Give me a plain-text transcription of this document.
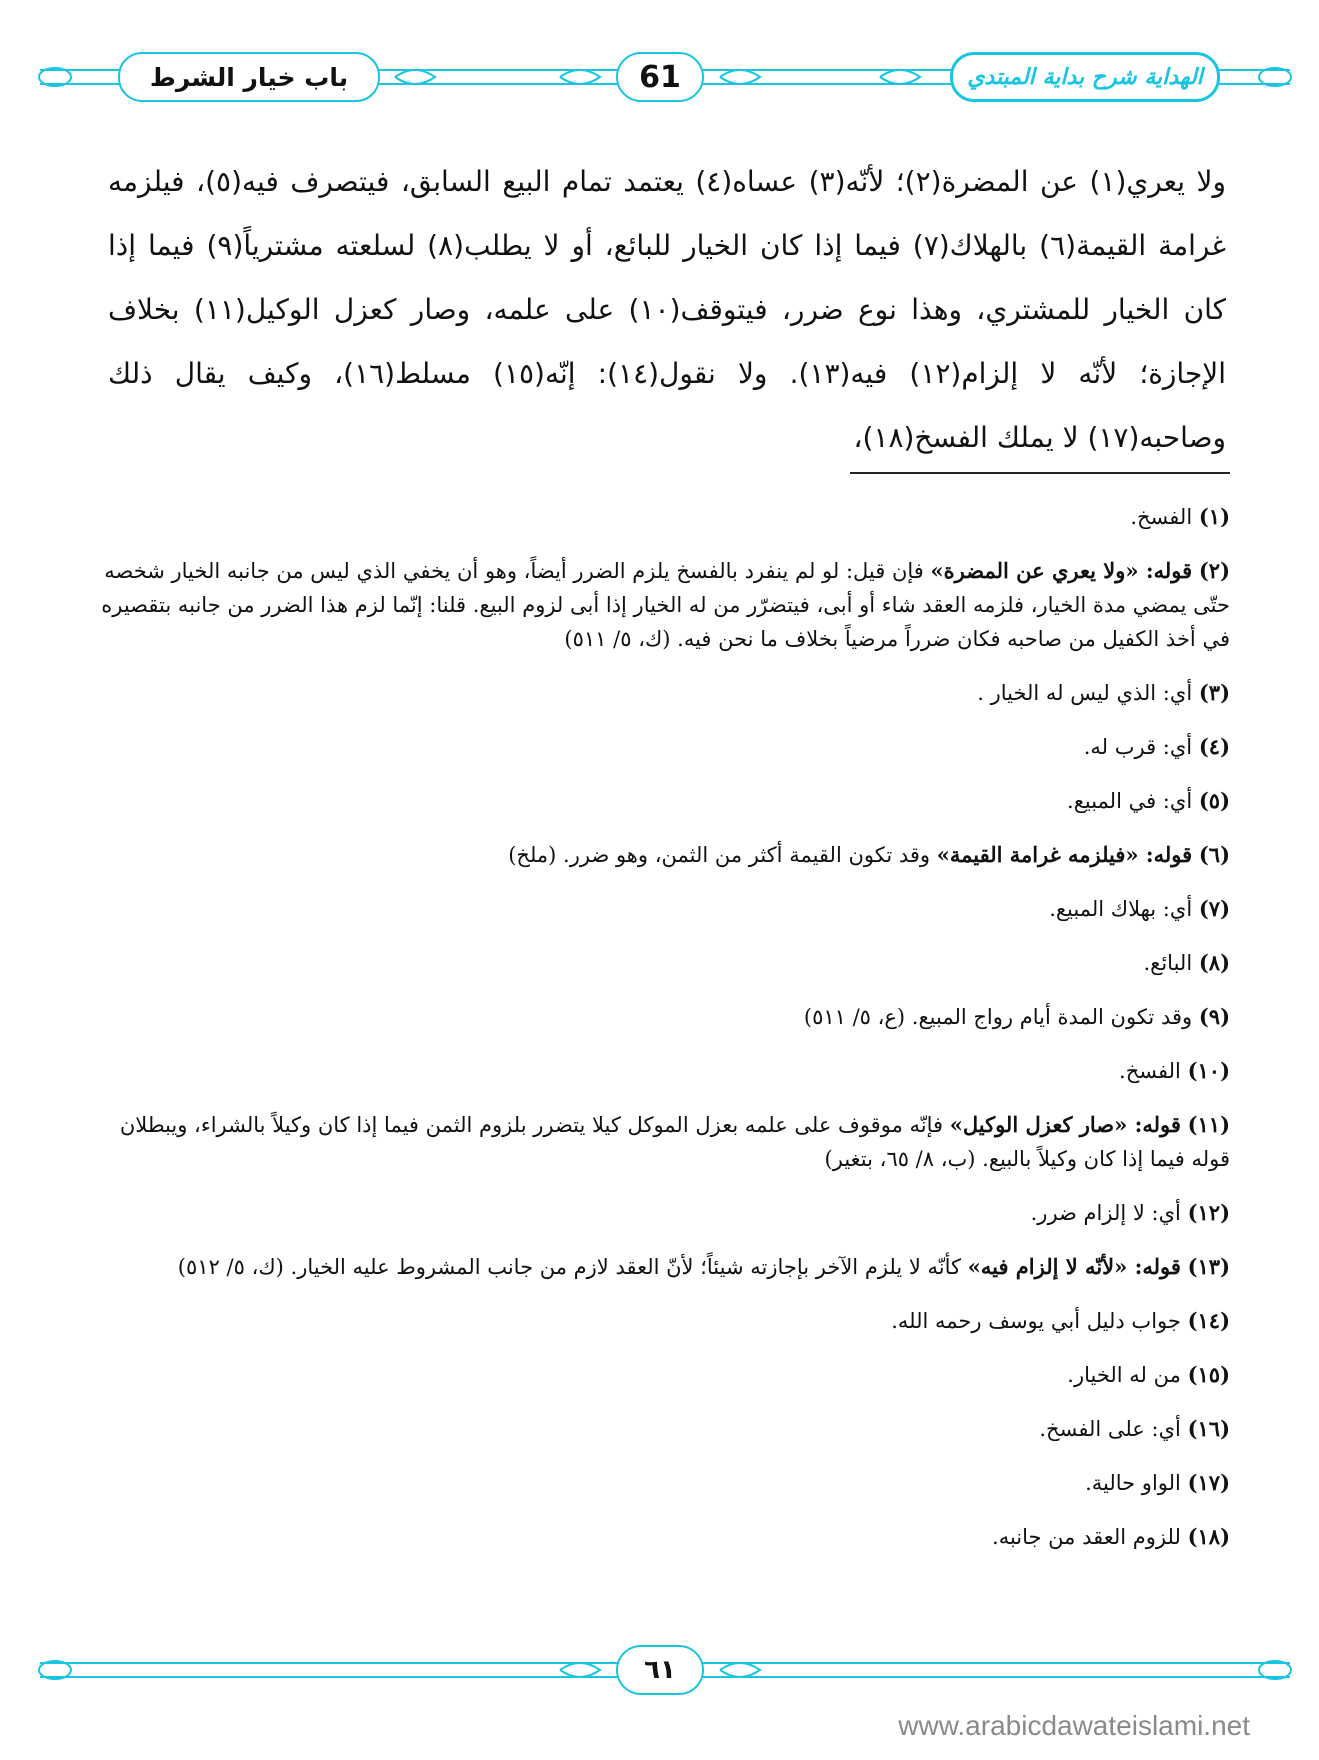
باب خيار الشرط	61	الهداية شرح بداية المبتدي
ولا يعري(١) عن المضرة(٢)؛ لأنّه(٣) عساه(٤) يعتمد تمام البيع السابق، فيتصرف فيه(٥)، فيلزمه غرامة القيمة(٦) بالهلاك(٧) فيما إذا كان الخيار للبائع، أو لا يطلب(٨) لسلعته مشترياً(٩) فيما إذا كان الخيار للمشتري، وهذا نوع ضرر، فيتوقف(١٠) على علمه، وصار كعزل الوكيل(١١) بخلاف الإجازة؛ لأنّه لا إلزام(١٢) فيه(١٣). ولا نقول(١٤): إنّه(١٥) مسلط(١٦)، وكيف يقال ذلك وصاحبه(١٧) لا يملك الفسخ(١٨)،
(١) الفسخ.
(٢) قوله: «ولا يعري عن المضرة» فإن قيل: لو لم ينفرد بالفسخ يلزم الضرر أيضاً، وهو أن يخفي الذي ليس من جانبه الخيار شخصه حتّى يمضي مدة الخيار، فلزمه العقد شاء أو أبى، فيتضرّر من له الخيار إذا أبى لزوم البيع. قلنا: إنّما لزم هذا الضرر من جانبه بتقصيره في أخذ الكفيل من صاحبه فكان ضرراً مرضياً بخلاف ما نحن فيه. (ك، ٥/ ٥١١)
(٣) أي: الذي ليس له الخيار .
(٤) أي: قرب له.
(٥) أي: في المبيع.
(٦) قوله: «فيلزمه غرامة القيمة» وقد تكون القيمة أكثر من الثمن، وهو ضرر. (ملخ)
(٧) أي: بهلاك المبيع.
(٨) البائع.
(٩) وقد تكون المدة أيام رواج المبيع. (ع، ٥/ ٥١١)
(١٠) الفسخ.
(١١) قوله: «صار كعزل الوكيل» فإنّه موقوف على علمه بعزل الموكل كيلا يتضرر بلزوم الثمن فيما إذا كان وكيلاً بالشراء، ويبطلان قوله فيما إذا كان وكيلاً بالبيع. (ب، ٨/ ٦٥، بتغير)
(١٢) أي: لا إلزام ضرر.
(١٣) قوله: «لأنّه لا إلزام فيه» كأنّه لا يلزم الآخر بإجازته شيئاً؛ لأنّ العقد لازم من جانب المشروط عليه الخيار. (ك، ٥/ ٥١٢)
(١٤) جواب دليل أبي يوسف رحمه الله.
(١٥) من له الخيار.
(١٦) أي: على الفسخ.
(١٧) الواو حالية.
(١٨) للزوم العقد من جانبه.
٦١
www.arabicdawateislami.net
